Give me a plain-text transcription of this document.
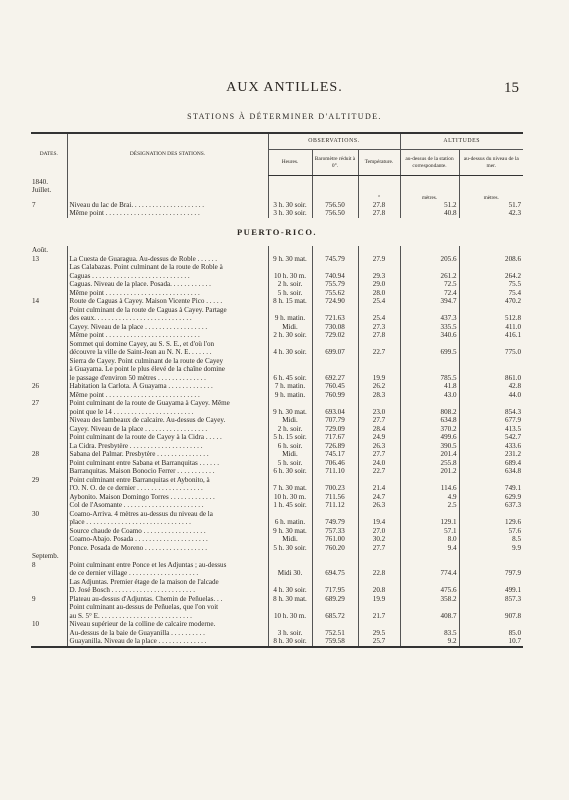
AUX ANTILLES.	15
STATIONS À DÉTERMINER D'ALTITUDE.
DATES.	DÉSIGNATION DES STATIONS.	OBSERVATIONS.			ALTITUDES	
		Heures.	Baromètre réduit à 0°.	Température.	au-dessus de la station correspondante.	au-dessus du niveau de la mer.
1840.						
Juillet.						
				°	mètres.	mètres.
7	Niveau du lac de Brai. . . . . . . . . . . . . . . . . . . . .	3 h. 30 soir.	756.50	27.8	51.2	51.7
	Même point . . . . . . . . . . . . . . . . . . . . . . . . . . .	3 h. 30 soir.	756.50	27.8	40.8	42.3
PUERTO-RICO.						
Août.						
13	La Cuesta de Guaragua. Au-dessus de Roble . . . . . .	9 h. 30 mat.	745.79	27.9	205.6	208.6
	Las Calabazas. Point culminant de la route de Roble à					
	Caguas . . . . . . . . . . . . . . . . . . . . . . . . . . . .	10 h. 30 m.	740.94	29.3	261.2	264.2
	Caguas. Niveau de la place. Posada. . . . . . . . . . . .	2 h. soir.	755.79	29.0	72.5	75.5
	Même point . . . . . . . . . . . . . . . . . . . . . . . . . . .	5 h. soir.	755.62	28.0	72.4	75.4
14	Route de Caguas à Cayey. Maison Vicente Pico . . . . .	8 h. 15 mat.	724.90	25.4	394.7	470.2
	Point culminant de la route de Caguas à Cayey. Partage					
	des eaux. . . . . . . . . . . . . . . . . . . . . . . . . . . .	9 h. matin.	721.63	25.4	437.3	512.8
	Cayey. Niveau de la place . . . . . . . . . . . . . . . . . .	Midi.	730.08	27.3	335.5	411.0
	Même point . . . . . . . . . . . . . . . . . . . . . . . . . . .	2 h. 30 soir.	729.02	27.8	340.6	416.1
	Sommet qui domine Cayey, au S. S. E., et d'où l'on					
	découvre la ville de Saint-Jean au N. N. E. . . . . . .	4 h. 30 soir.	699.07	22.7	699.5	775.0
	Sierra de Cayey. Point culminant de la route de Cayey					
	à Guayama. Le point le plus élevé de la chaîne domine					
	le passage d'environ 50 mètres . . . . . . . . . . . . . .	6 h. 45 soir.	692.27	19.9	785.5	861.0
26	Habitation la Carlota. À Guayama . . . . . . . . . . . . .	7 h. matin.	760.45	26.2	41.8	42.8
	Même point . . . . . . . . . . . . . . . . . . . . . . . . . . .	9 h. matin.	760.99	28.3	43.0	44.0
27	Point culminant de la route de Guayama à Cayey. Même					
	point que le 14 . . . . . . . . . . . . . . . . . . . . . . .	9 h. 30 mat.	693.04	23.0	808.2	854.3
	Niveau des lambeaux de calcaire. Au-dessus de Cayey.	Midi.	707.79	27.7	634.8	677.9
	Cayey. Niveau de la place . . . . . . . . . . . . . . . . . .	2 h. soir.	729.09	28.4	370.2	413.5
	Point culminant de la route de Cayey à la Cidra . . . . .	5 h. 15 soir.	717.67	24.9	499.6	542.7
	La Cidra. Presbytère . . . . . . . . . . . . . . . . . . . . .	6 h. soir.	726.89	26.3	390.5	433.6
28	Sabana del Palmar. Presbytère . . . . . . . . . . . . . . .	Midi.	745.17	27.7	201.4	231.2
	Point culminant entre Sabana et Barranquitas . . . . . .	5 h. soir.	706.46	24.0	255.8	689.4
	Barranquitas. Maison Bonocio Ferrer . . . . . . . . . . .	6 h. 30 soir.	711.10	22.7	201.2	634.8
29	Point culminant entre Barranquitas et Aybonito, à					
	l'O. N. O. de ce dernier . . . . . . . . . . . . . . . . . . .	7 h. 30 mat.	700.23	21.4	114.6	749.1
	Aybonito. Maison Domingo Torres . . . . . . . . . . . . .	10 h. 30 m.	711.56	24.7	4.9	629.9
	Col de l'Asomante . . . . . . . . . . . . . . . . . . . . . . .	1 h. 45 soir.	711.12	26.3	2.5	637.3
30	Coamo-Arriva. 4 mètres au-dessus du niveau de la					
	place . . . . . . . . . . . . . . . . . . . . . . . . . . . . . .	6 h. matin.	749.79	19.4	129.1	129.6
	Source chaude de Coamo . . . . . . . . . . . . . . . . . .	9 h. 30 mat.	757.33	27.0	57.1	57.6
	Coamo-Abajo. Posada . . . . . . . . . . . . . . . . . . . . .	Midi.	761.00	30.2	8.0	8.5
	Ponce. Posada de Moreno . . . . . . . . . . . . . . . . . .	5 h. 30 soir.	760.20	27.7	9.4	9.9
Septemb.						
8	Point culminant entre Ponce et les Adjuntas ; au-dessus					
	de ce dernier village . . . . . . . . . . . . . . . . . . . .	Midi 30.	694.75	22.8	774.4	797.9
	Las Adjuntas. Premier étage de la maison de l'alcade					
	D. José Bosch . . . . . . . . . . . . . . . . . . . . . . . .	4 h. 30 soir.	717.95	20.8	475.6	499.1
9	Plateau au-dessus d'Adjuntas. Chemin de Peñuelas. . .	8 h. 30 mat.	689.29	19.9	358.2	857.3
	Point culminant au-dessus de Peñuelas, que l'on voit					
	au S. 5° E. . . . . . . . . . . . . . . . . . . . . . . . . . .	10 h. 30 m.	685.72	21.7	408.7	907.8
10	Niveau supérieur de la colline de calcaire moderne.					
	Au-dessus de la baie de Guayanilla . . . . . . . . . .	3 h. soir.	752.51	29.5	83.5	85.0
	Guayanilla. Niveau de la place . . . . . . . . . . . . . .	8 h. 30 soir.	759.58	25.7	9.2	10.7
